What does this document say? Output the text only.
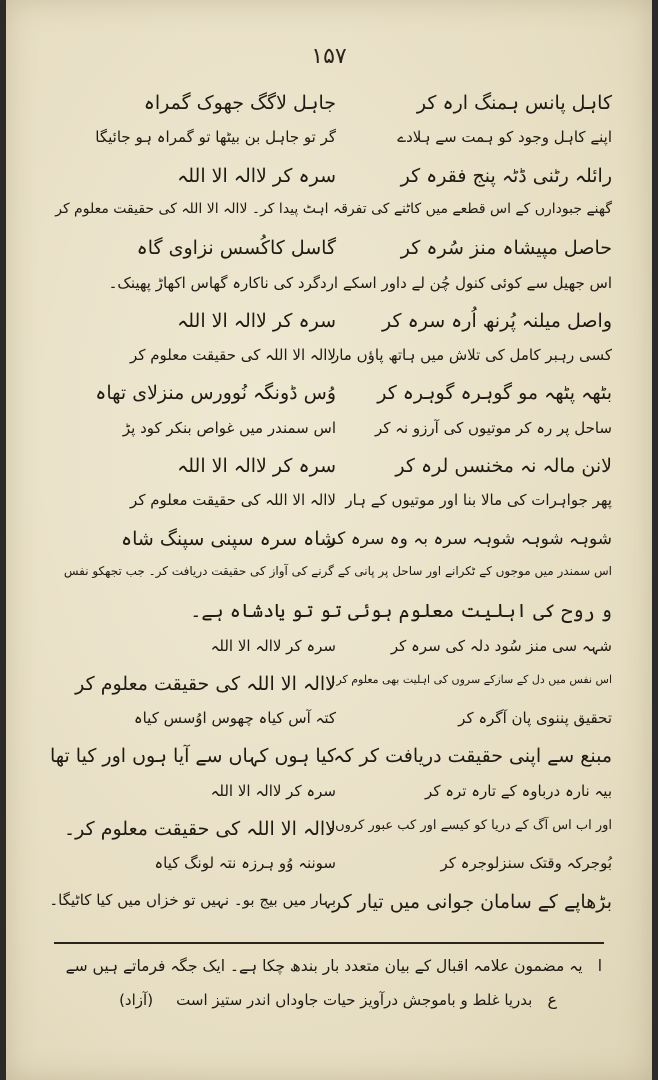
۱۵۷
کاہل پانس ہمنگ ارہ کر
جاہل لاگگ جھوک گمراہ
اپنے کاہل وجود کو ہمت سے ہلادے
گر تو جاہل بن بیٹھا تو گمراہ ہو جائیگا
رائلہ رٹنی ڈٹہ پنج فقرہ کر
سرہ کر لاالہ الا اللہ
گھنے جبودارں کے اس قطعے میں کاٹنے کی تفرقہ اہٹ پیدا کر۔ لاالہ الا اللہ کی حقیقت معلوم کر
حاصل مپیشاہ منز سُرہ کر
گاسل کاکُسس نزاوی گاہ
اس جھیل سے کوئی کنول چُن لے داور اسکے اردگرد کی ناکارہ گھاس اکھاڑ پھینک۔
واصل میلنہ پُرنھ اُرہ سرہ کر
سرہ کر لاالہ الا اللہ
کسی رہبر کامل کی تلاش میں ہاتھ پاؤں مار
لاالہ الا اللہ کی حقیقت معلوم کر
بٹھہ پٹھہ مو گوہرہ گوہرہ کر
وُس ڈونگہ نُوورس منزلای تھاہ
ساحل پر رہ کر موتیوں کی آرزو نہ کر
اس سمندر میں غواص بنکر کود پڑ
لانن مالہ نہ مخنسں لرہ کر
سرہ کر لاالہ الا اللہ
پھر جواہرات کی مالا بنا اور موتیوں کے ہار
لاالہ الا اللہ کی حقیقت معلوم کر
شوہہ شوہہ شوہہ سرہ بہ وہ سرہ کر
شاہ سرہ سپنی سپنگ شاہ
اس سمندر میں موجوں کے ٹکرانے اور ساحل پر پانی کے گرنے کی آواز کی حقیقت دریافت کر۔ جب تجھکو نفس
و روح کی اہلیت معلوم ہوئی تو تو یادشاہ ہے۔
شہہ سی منز سُود دلہ کی سرہ کر
سرہ کر لاالہ الا اللہ
اس نفس میں دل کے سازکے سروں کی اہلیت بھی معلوم کر۔
لاالہ الا اللہ کی حقیقت معلوم کر
تحقیق پننوی پان آگرہ کر
کتہ آس کیاہ چھوس اوُسس کیاہ
مبنع سے اپنی حقیقت دریافت کر کہ
کیا ہوں کہاں سے آیا ہوں اور کیا تھا
بیہ نارہ درباوہ کے تارہ ترہ کر
سرہ کر لاالہ الا اللہ
اور اب اس آگ کے دریا کو کیسے اور کب عبور کروں۔
لاالہ الا اللہ کی حقیقت معلوم کر۔
بُوجرکہ وقتک سنزلوجرہ کر
سوننہ وُو ہرزہ نتہ لونگ کیاہ
بڑھاپے کے سامان جوانی میں تیار کر
بہار میں بیج بو۔ نہیں تو خزاں میں کیا کاٹیگا۔
ا یہ مضمون علامہ اقبال کے بیان متعدد بار بندھ چکا ہے۔ ایک جگہ فرماتے ہیں سے
ع بدریا غلط و باموجش درآویز حیات جاوداں اندر ستیز است (آزاد)
